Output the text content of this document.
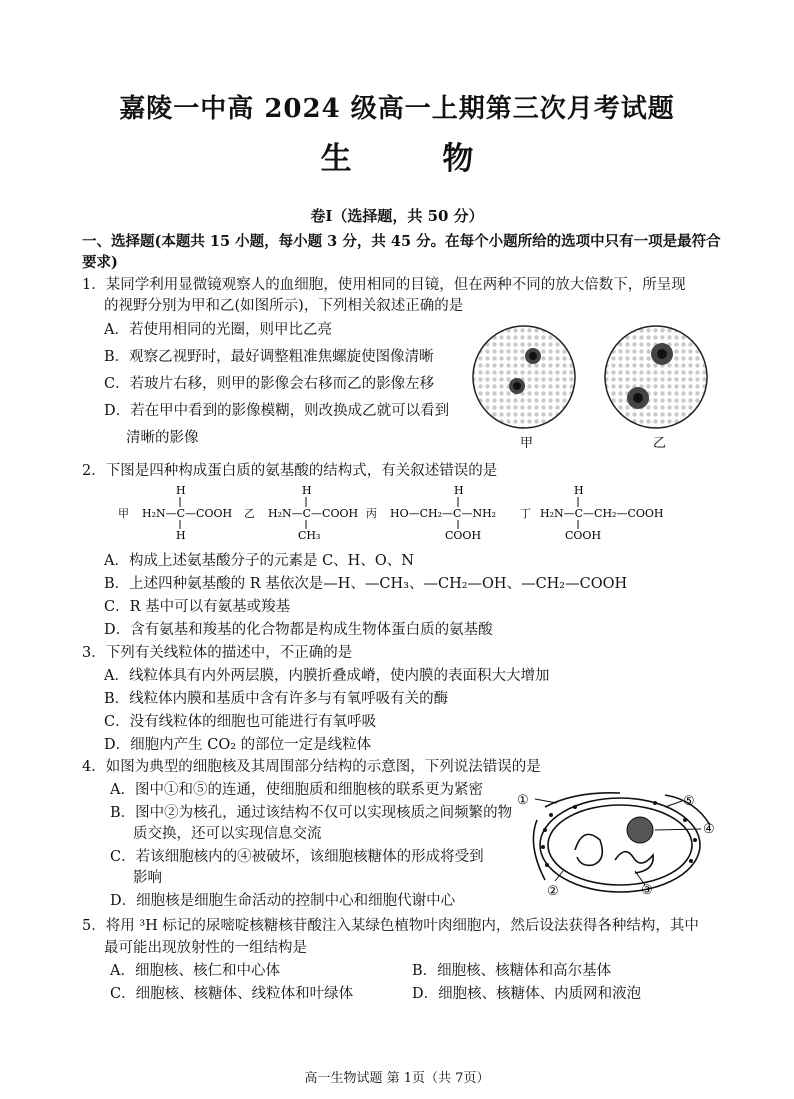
嘉陵一中高 2024 级高一上期第三次月考试题
生 物
卷I（选择题，共 50 分）
一、选择题(本题共 15 小题，每小题 3 分，共 45 分。在每个小题所给的选项中只有一项是最符合
要求)
1．某同学利用显微镜观察人的血细胞，使用相同的目镜，但在两种不同的放大倍数下，所呈现
的视野分别为甲和乙(如图所示)，下列相关叙述正确的是
A．若使用相同的光圈，则甲比乙亮
B．观察乙视野时，最好调整粗准焦螺旋使图像清晰
C．若玻片右移，则甲的影像会右移而乙的影像左移
D．若在甲中看到的影像模糊，则改换成乙就可以看到
清晰的影像	甲	乙
2．下图是四种构成蛋白质的氨基酸的结构式，有关叙述错误的是
甲
H
H₂N—C—COOH
H
乙
H
H₂N—C—COOH
CH₃
丙
H
HO—CH₂—C—NH₂
COOH
丁
H
H₂N—C—CH₂—COOH
COOH
A．构成上述氨基酸分子的元素是 C、H、O、N
B．上述四种氨基酸的 R 基依次是—H、—CH₃、—CH₂—OH、—CH₂—COOH
C．R 基中可以有氨基或羧基
D．含有氨基和羧基的化合物都是构成生物体蛋白质的氨基酸
3．下列有关线粒体的描述中，不正确的是
A．线粒体具有内外两层膜，内膜折叠成嵴，使内膜的表面积大大增加
B．线粒体内膜和基质中含有许多与有氧呼吸有关的酶
C．没有线粒体的细胞也可能进行有氧呼吸
D．细胞内产生 CO₂ 的部位一定是线粒体
4．如图为典型的细胞核及其周围部分结构的示意图，下列说法错误的是
A．图中①和⑤的连通，使细胞质和细胞核的联系更为紧密
B．图中②为核孔，通过该结构不仅可以实现核质之间频繁的物
质交换，还可以实现信息交流
C．若该细胞核内的④被破坏，该细胞核糖体的形成将受到
影响
D．细胞核是细胞生命活动的控制中心和细胞代谢中心
①
②	③
④
⑤
5．将用 ³H 标记的尿嘧啶核糖核苷酸注入某绿色植物叶肉细胞内，然后设法获得各种结构，其中
最可能出现放射性的一组结构是
A．细胞核、核仁和中心体	B．细胞核、核糖体和高尔基体
C．细胞核、核糖体、线粒体和叶绿体	D．细胞核、核糖体、内质网和液泡
高一生物试题 第 1页（共 7页）
